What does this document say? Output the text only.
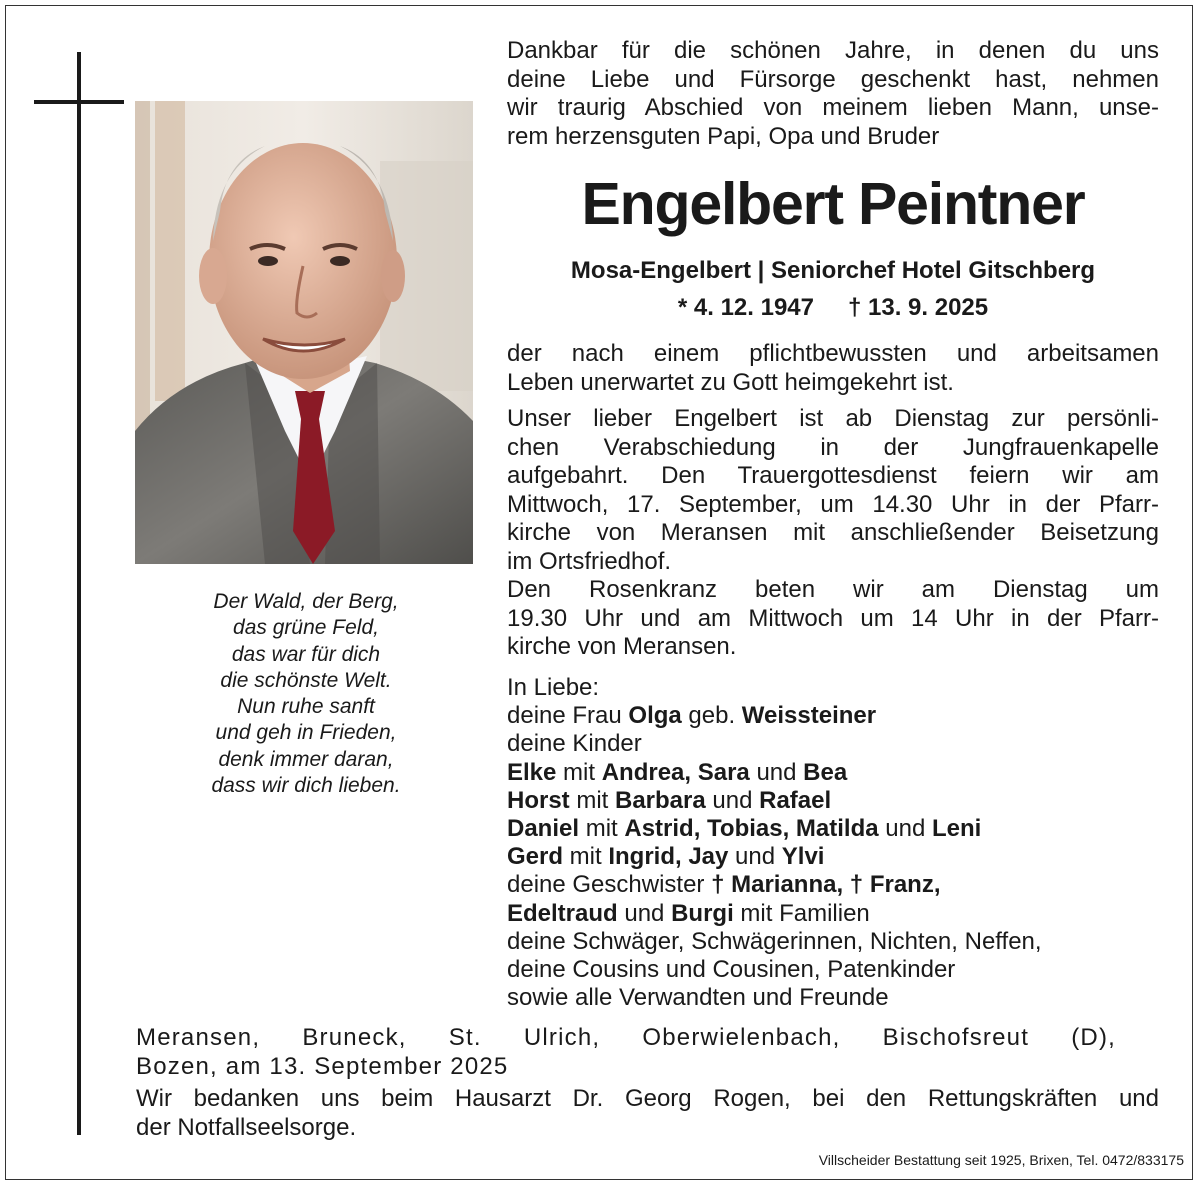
Der Wald, der Berg,
das grüne Feld,
das war für dich
die schönste Welt.
Nun ruhe sanft
und geh in Frieden,
denk immer daran,
dass wir dich lieben.
Dankbar für die schönen Jahre, in denen du uns
deine Liebe und Fürsorge geschenkt hast, nehmen
wir traurig Abschied von meinem lieben Mann, unse-
rem herzensguten Papi, Opa und Bruder
Engelbert Peintner
Mosa-Engelbert | Seniorchef Hotel Gitschberg
* 4. 12. 1947 † 13. 9. 2025
der nach einem pflichtbewussten und arbeitsamen
Leben unerwartet zu Gott heimgekehrt ist.
Unser lieber Engelbert ist ab Dienstag zur persönli-
chen Verabschiedung in der Jungfrauenkapelle
aufgebahrt. Den Trauergottesdienst feiern wir am
Mittwoch, 17. September, um 14.30 Uhr in der Pfarr-
kirche von Meransen mit anschließender Beisetzung
im Ortsfriedhof.
Den Rosenkranz beten wir am Dienstag um
19.30 Uhr und am Mittwoch um 14 Uhr in der Pfarr-
kirche von Meransen.
In Liebe:
deine Frau Olga geb. Weissteiner
deine Kinder
Elke mit Andrea, Sara und Bea
Horst mit Barbara und Rafael
Daniel mit Astrid, Tobias, Matilda und Leni
Gerd mit Ingrid, Jay und Ylvi
deine Geschwister † Marianna, † Franz,
Edeltraud und Burgi mit Familien
deine Schwäger, Schwägerinnen, Nichten, Neffen,
deine Cousins und Cousinen, Patenkinder
sowie alle Verwandten und Freunde
Meransen, Bruneck, St. Ulrich, Oberwielenbach, Bischofsreut (D),
Bozen, am 13. September 2025
Wir bedanken uns beim Hausarzt Dr. Georg Rogen, bei den Rettungskräften und
der Notfallseelsorge.
Villscheider Bestattung seit 1925, Brixen, Tel. 0472/833175
